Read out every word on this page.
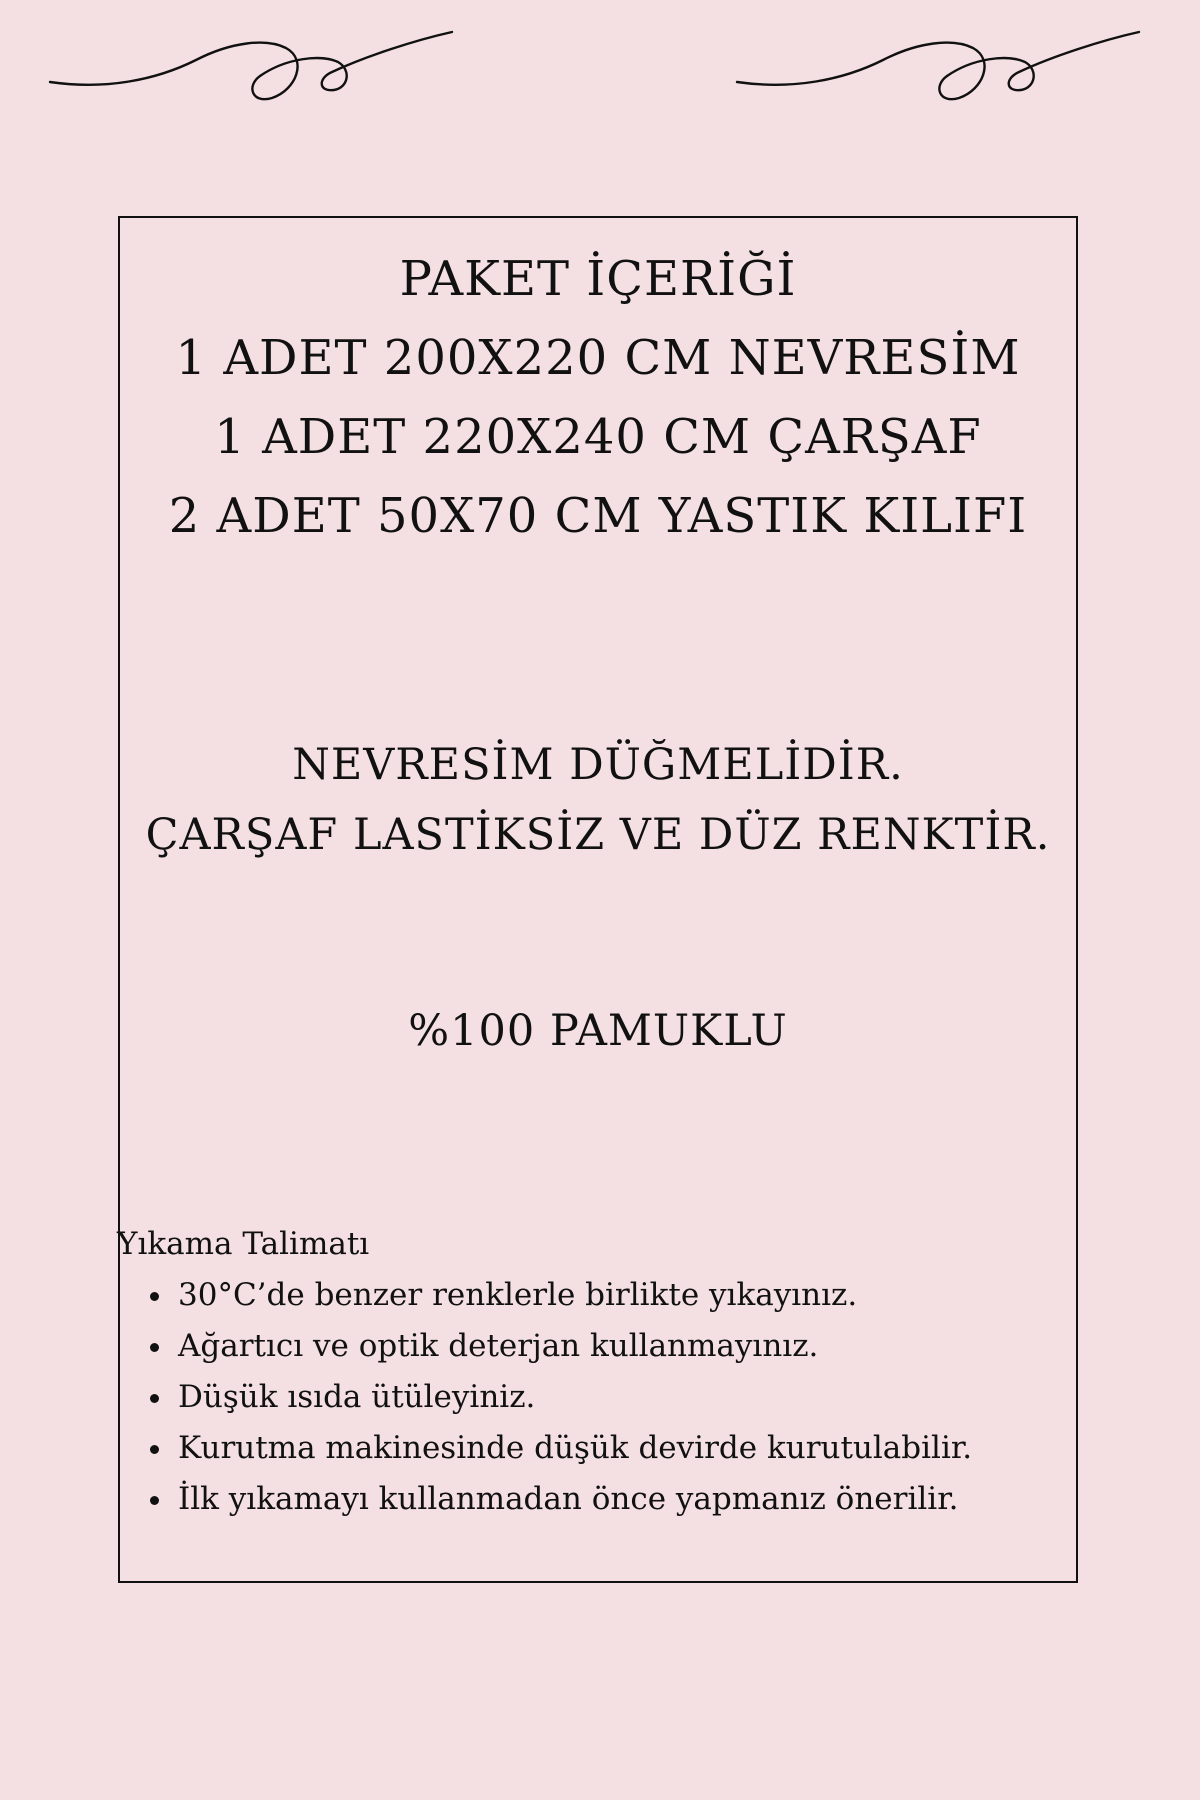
PAKET İÇERİĞİ
1 ADET 200X220 CM NEVRESİM
1 ADET 220X240 CM ÇARŞAF
2 ADET 50X70 CM YASTIK KILIFI
NEVRESİM DÜĞMELİDİR.
ÇARŞAF LASTİKSİZ VE DÜZ RENKTİR.
%100 PAMUKLU
Yıkama Talimatı
30°C’de benzer renklerle birlikte yıkayınız.
Ağartıcı ve optik deterjan kullanmayınız.
Düşük ısıda ütüleyiniz.
Kurutma makinesinde düşük devirde kurutulabilir.
İlk yıkamayı kullanmadan önce yapmanız önerilir.
